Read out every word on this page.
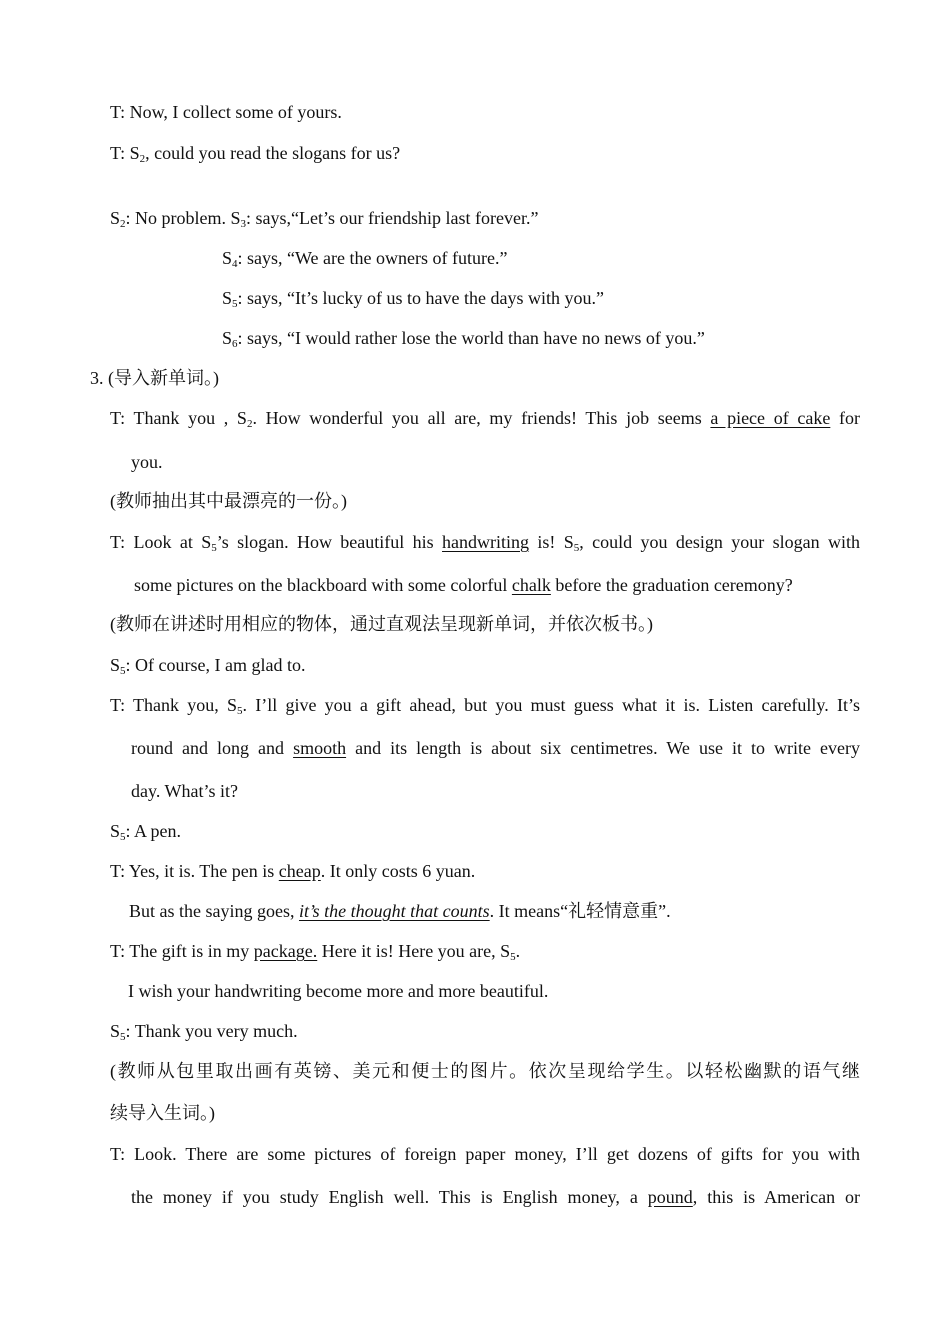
T: Now, I collect some of yours.
T: $S_2$, could you read the slogans for us?
$S_2$: No problem. $S_3$: says,“Let’s our friendship last forever.”
$S_4$: says, “We are the owners of future.”
$S_5$: says, “It’s lucky of us to have the days with you.”
$S_6$: says, “I would rather lose the world than have no news of you.”
3. (导入新单词。)
T: Thank you , $S_2$. How wonderful you all are, my friends! This job seems a piece of cake for
you.
(教师抽出其中最漂亮的一份。)
T: Look at $S_5’s$ slogan. How beautiful his handwriting is! $S_5$, could you design your slogan with
some pictures on the blackboard with some colorful chalk before the graduation ceremony?
(教师在讲述时用相应的物体，通过直观法呈现新单词，并依次板书。)
$S_5$: Of course, I am glad to.
T: Thank you, $S_5$. I’ll give you a gift ahead, but you must guess what it is. Listen carefully. It’s
round and long and smooth and its length is about six centimetres. We use it to write every
day. What’s it?
$S_5$: A pen.
T: Yes, it is. The pen is cheap. It only costs 6 yuan.
But as the saying goes, it’s the thought that counts. It means“礼轻情意重”.
T: The gift is in my package. Here it is! Here you are, $S_5$.
I wish your handwriting become more and more beautiful.
$S_5$: Thank you very much.
(教师从包里取出画有英镑、美元和便士的图片。依次呈现给学生。以轻松幽默的语气继
续导入生词。)
T: Look. There are some pictures of foreign paper money, I’ll get dozens of gifts for you with
the money if you study English well. This is English money, a pound, this is American or
